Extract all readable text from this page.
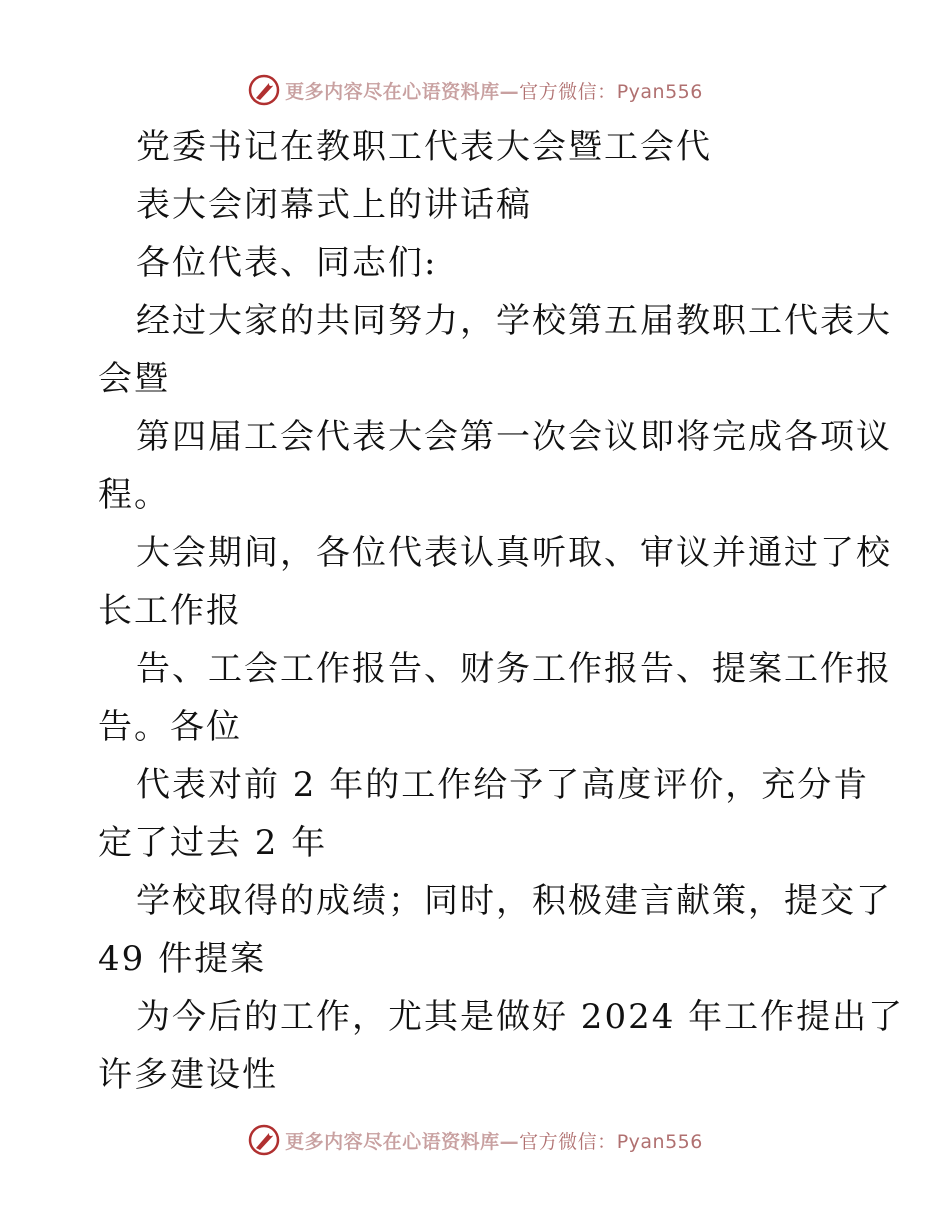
更多内容尽在心语资料库—官方微信：Pyan556
党委书记在教职工代表大会暨工会代
表大会闭幕式上的讲话稿
各位代表、同志们:
经过大家的共同努力，学校第五届教职工代表大
会暨
第四届工会代表大会第一次会议即将完成各项议
程。
大会期间，各位代表认真听取、审议并通过了校
长工作报
告、工会工作报告、财务工作报告、提案工作报
告。各位
代表对前 2 年的工作给予了高度评价，充分肯
定了过去 2 年
学校取得的成绩；同时，积极建言献策，提交了
49 件提案
为今后的工作，尤其是做好 2024 年工作提出了
许多建设性
更多内容尽在心语资料库—官方微信：Pyan556
